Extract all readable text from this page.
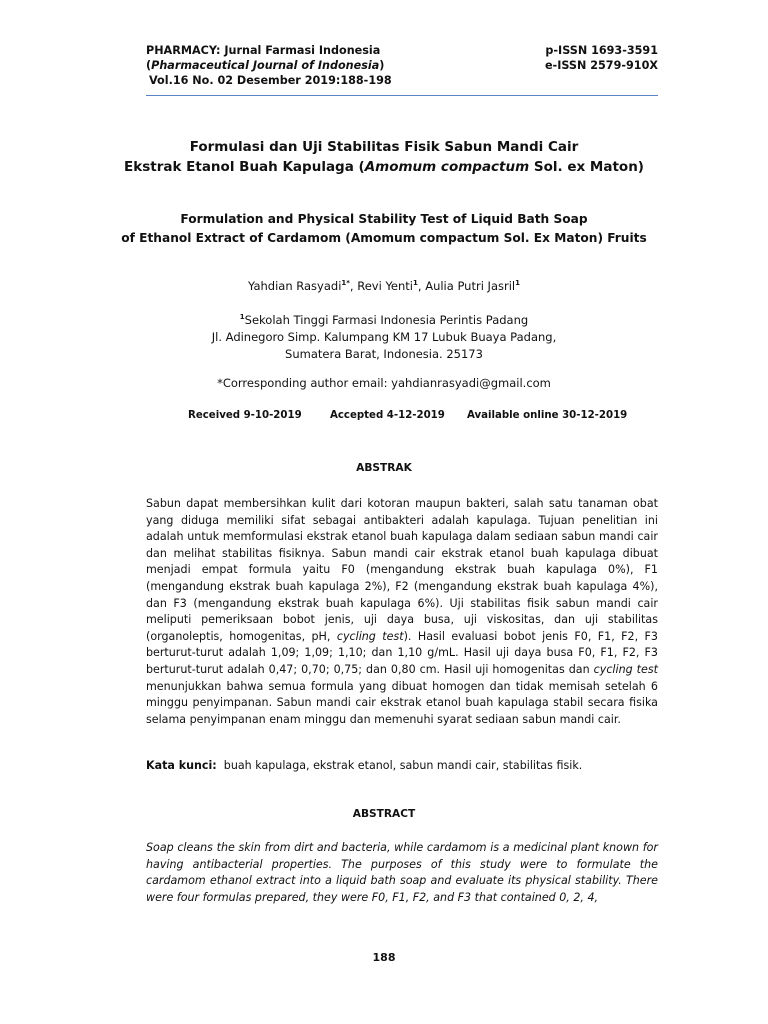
PHARMACY: Jurnal Farmasi Indonesia
(Pharmaceutical Journal of Indonesia)
Vol.16 No. 02 Desember 2019:188-198
p-ISSN 1693-3591
e-ISSN 2579-910X
Formulasi dan Uji Stabilitas Fisik Sabun Mandi Cair
Ekstrak Etanol Buah Kapulaga (Amomum compactum Sol. ex Maton)
Formulation and Physical Stability Test of Liquid Bath Soap
of Ethanol Extract of Cardamom (Amomum compactum Sol. Ex Maton) Fruits
Yahdian Rasyadi$^{1*}$, Revi Yenti$^1$, Aulia Putri Jasril$^1$
$^1$Sekolah Tinggi Farmasi Indonesia Perintis Padang
Jl. Adinegoro Simp. Kalumpang KM 17 Lubuk Buaya Padang,
Sumatera Barat, Indonesia. 25173
*Corresponding author email: yahdianrasyadi@gmail.com
Received 9-10-2019	Accepted 4-12-2019 Available online 30-12-2019
ABSTRAK

Sabun dapat membersihkan kulit dari kotoran maupun bakteri, salah satu tanaman obat yang diduga memiliki sifat sebagai antibakteri adalah kapulaga. Tujuan penelitian ini adalah untuk memformulasi ekstrak etanol buah kapulaga dalam sediaan sabun mandi cair dan melihat stabilitas fisiknya. Sabun mandi cair ekstrak etanol buah kapulaga dibuat menjadi empat formula yaitu F0 (mengandung ekstrak buah kapulaga 0%), F1 (mengandung ekstrak buah kapulaga 2%), F2 (mengandung ekstrak buah kapulaga 4%), dan F3 (mengandung ekstrak buah kapulaga 6%). Uji stabilitas fisik sabun mandi cair meliputi pemeriksaan bobot jenis, uji daya busa, uji viskositas, dan uji stabilitas (organoleptis, homogenitas, pH, cycling test). Hasil evaluasi bobot jenis F0, F1, F2, F3 berturut-turut adalah 1,09; 1,09; 1,10; dan 1,10 g/mL. Hasil uji daya busa F0, F1, F2, F3 berturut-turut adalah 0,47; 0,70; 0,75; dan 0,80 cm. Hasil uji homogenitas dan cycling test menunjukkan bahwa semua formula yang dibuat homogen dan tidak memisah setelah 6 minggu penyimpanan. Sabun mandi cair ekstrak etanol buah kapulaga stabil secara fisika selama penyimpanan enam minggu dan memenuhi syarat sediaan sabun mandi cair.

Kata kunci:  buah kapulaga, ekstrak etanol, sabun mandi cair, stabilitas fisik.
ABSTRACT

Soap cleans the skin from dirt and bacteria, while cardamom is a medicinal plant known for having antibacterial properties. The purposes of this study were to formulate the cardamom ethanol extract into a liquid bath soap and evaluate its physical stability. There were four formulas prepared, they were F0, F1, F2, and F3 that contained 0, 2, 4,

188
